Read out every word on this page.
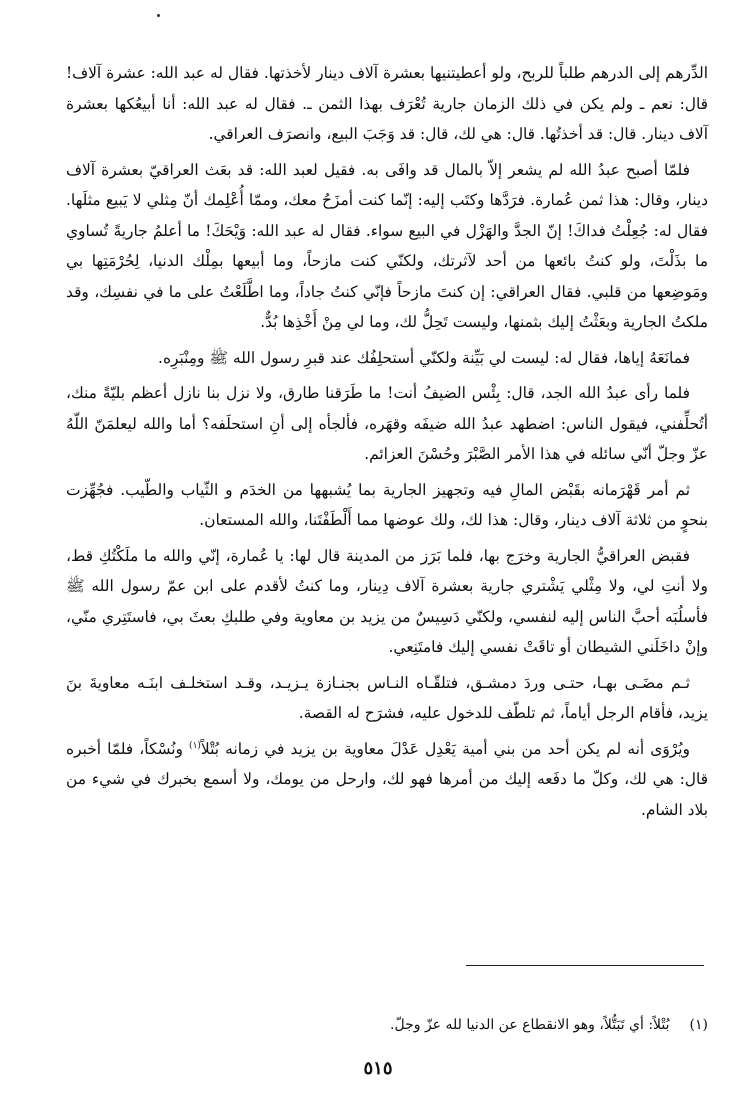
الدِّرهم إلى الدرهم طلباً للربح، ولو أعطيتنيها بعشرة آلاف دينار لأخذتها. فقال له عبد الله: عشرة آلاف! قال: نعم ـ ولم يكن في ذلك الزمان جارية تُعْرَف بهذا الثمن ـ. فقال له عبد الله: أنا أبيعُكها بعشرة آلاف دينار. قال: قد أخذتُها. قال: هي لك، قال: قد وَجَبَ البيع، وانصرَف العراقي.

فلمّا أصبح عبدُ الله لم يشعر إلاّ بالمال قد وافَى به. فقيل لعبد الله: قد بعَث العراقيّ بعشرة آلاف دينار، وقال: هذا ثمن عُمارة. فرَدَّها وكتَب إليه: إنّما كنت أمزَحُ معك، وممّا أُعْلِمك أنّ مِثلي لا يَبيع مثلَها. فقال له: جُعِلْتُ فداكَ! إنّ الجدَّ والهَزْل في البيع سواء. فقال له عبد الله: وَيْحَكَ! ما أعلمُ جاريةً تُساوي ما بذَلْتَ، ولو كنتُ بائعها من أحد لآثرتك، ولكنّي كنت مازحاً، وما أبيعها بمِلْك الدنيا، لِحُرْمَتِها بي ومَوضِعها من قلبي. فقال العراقي: إن كنتَ مازحاً فإنّي كنتُ جاداً، وما اطَّلَعْتُ على ما في نفسِك، وقد ملكتُ الجارية وبعَثْتُ إليك بثمنها، وليست تَحِلُّ لك، وما لي مِنْ أَخْذِها بُدٌّ.

فمانَعَهُ إياها، فقال له: ليست لي بَيِّنة ولكنّي أستحلِفُك عند قبرِ رسول الله ﷺ ومِنْبَرِه.

فلما رأى عبدُ الله الجد، قال: بِئْس الضيفُ أنت! ما طَرَقنا طارق، ولا نزل بنا نازل أعظم بليّةً منك، أتُحلِّفني، فيقول الناس: اضطهد عبدُ الله ضيفَه وقهَره، فألجأه إلى أنِ استحلَفه؟ أما والله ليعلمَنّ اللّهُ عزّ وجلّ أنّي سائله في هذا الأمر الصَّبْرَ وحُسْنَ العزائم.

ثم أمر قَهْرَمانه بقَبْض المالِ فيه وتجهيز الجارية بما يُشبهها من الخدَم و الثّياب والطّيب. فجُهِّزت بنحوٍ من ثلاثة آلاف دينار، وقال: هذا لك، ولك عوضها مما أَلْطَفْتَنا، والله المستعان.

فقبض العراقيُّ الجارية وخرَج بها، فلما بَرَز من المدينة قال لها: يا عُمارة، إنّي والله ما ملَكْتُكِ قط، ولا أنتِ لي، ولا مِثْلي يَشْتري جارية بعشرة آلاف دِينار، وما كنتُ لأقدم على ابن عمّ رسول الله ﷺ فأسلُبَه أحبَّ الناس إليه لنفسي، ولكنّي دَسِيسٌ من يزيد بن معاوية وفي طلبكِ بعثَ بي، فاستَتِري منّي، وإنْ داخَلَني الشيطان أو تاقَتْ نفسي إليك فامتَنِعي.

ثـم مضَـى بهـا، حتـى وردَ دمشـق، فتلقّـاه النـاس بجنـازة يـزيـد، وقـد استخلـف ابنَـه معاويةَ بنَ يزيد، فأقام الرجل أياماً، ثم تلطّف للدخول عليه، فشرَح له القصة.

ويُرْوَى أنه لم يكن أحد من بني أمية يَعْدِل عَدْلَ معاوية بن يزيد في زمانه بُتْلاً$^{(١)}$ ونُسْكاً، فلمّا أخبره قال: هي لك، وكلّ ما دفَعه إليك من أمرها فهو لك، وارحل من يومك، ولا أسمع بخبرك في شيء من بلاد الشام.

(١)بُتْلاً: أي تَبَتُّلاً، وهو الانقطاع عن الدنيا لله عزّ وجلّ.
٥١٥
